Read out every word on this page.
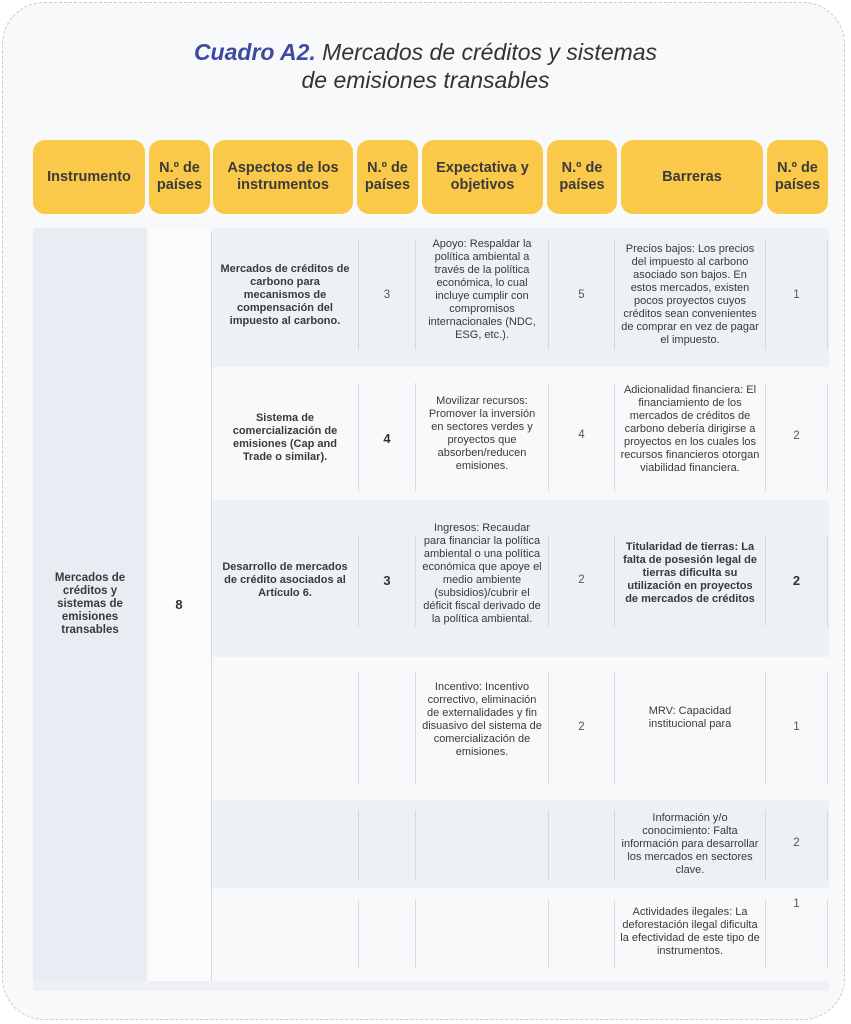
Cuadro A2. Mercados de créditos y sistemas
de emisiones transables
Instrumento
N.º de países
Aspectos de los instrumentos
N.º de países
Expectativa y objetivos
N.º de países
Barreras
N.º de países
Mercados de créditos y sistemas de emisiones transables
8
Mercados de créditos de carbono para mecanismos de compensación del impuesto al carbono.
3
Sistema de comercialización de emisiones (Cap and Trade o similar).
4
Desarrollo de mercados de crédito asociados al Artículo 6.
3
Apoyo: Respaldar la política ambiental a través de la política económica, lo cual incluye cumplir con compromisos internacionales (NDC, ESG, etc.).
5
Movilizar recursos: Promover la inversión en sectores verdes y proyectos que absorben/reducen emisiones.
4
Ingresos: Recaudar para financiar la política ambiental o una política económica que apoye el medio ambiente (subsidios)/cubrir el déficit fiscal derivado de la política ambiental.
2
Incentivo: Incentivo correctivo, eliminación de externalidades y fin disuasivo del sistema de comercialización de emisiones.
2
Precios bajos: Los precios del impuesto al carbono asociado son bajos. En estos mercados, existen pocos proyectos cuyos créditos sean convenientes de comprar en vez de pagar el impuesto.
1
Adicionalidad financiera: El financiamiento de los mercados de créditos de carbono debería dirigirse a proyectos en los cuales los recursos financieros otorgan viabilidad financiera.
2
Titularidad de tierras: La falta de posesión legal de tierras dificulta su utilización en proyectos de mercados de créditos
2
MRV: Capacidad institucional para	1
Información y/o conocimiento: Falta información para desarrollar los mercados en sectores clave.
2
Actividades ilegales: La deforestación ilegal dificulta la efectividad de este tipo de instrumentos.
1
